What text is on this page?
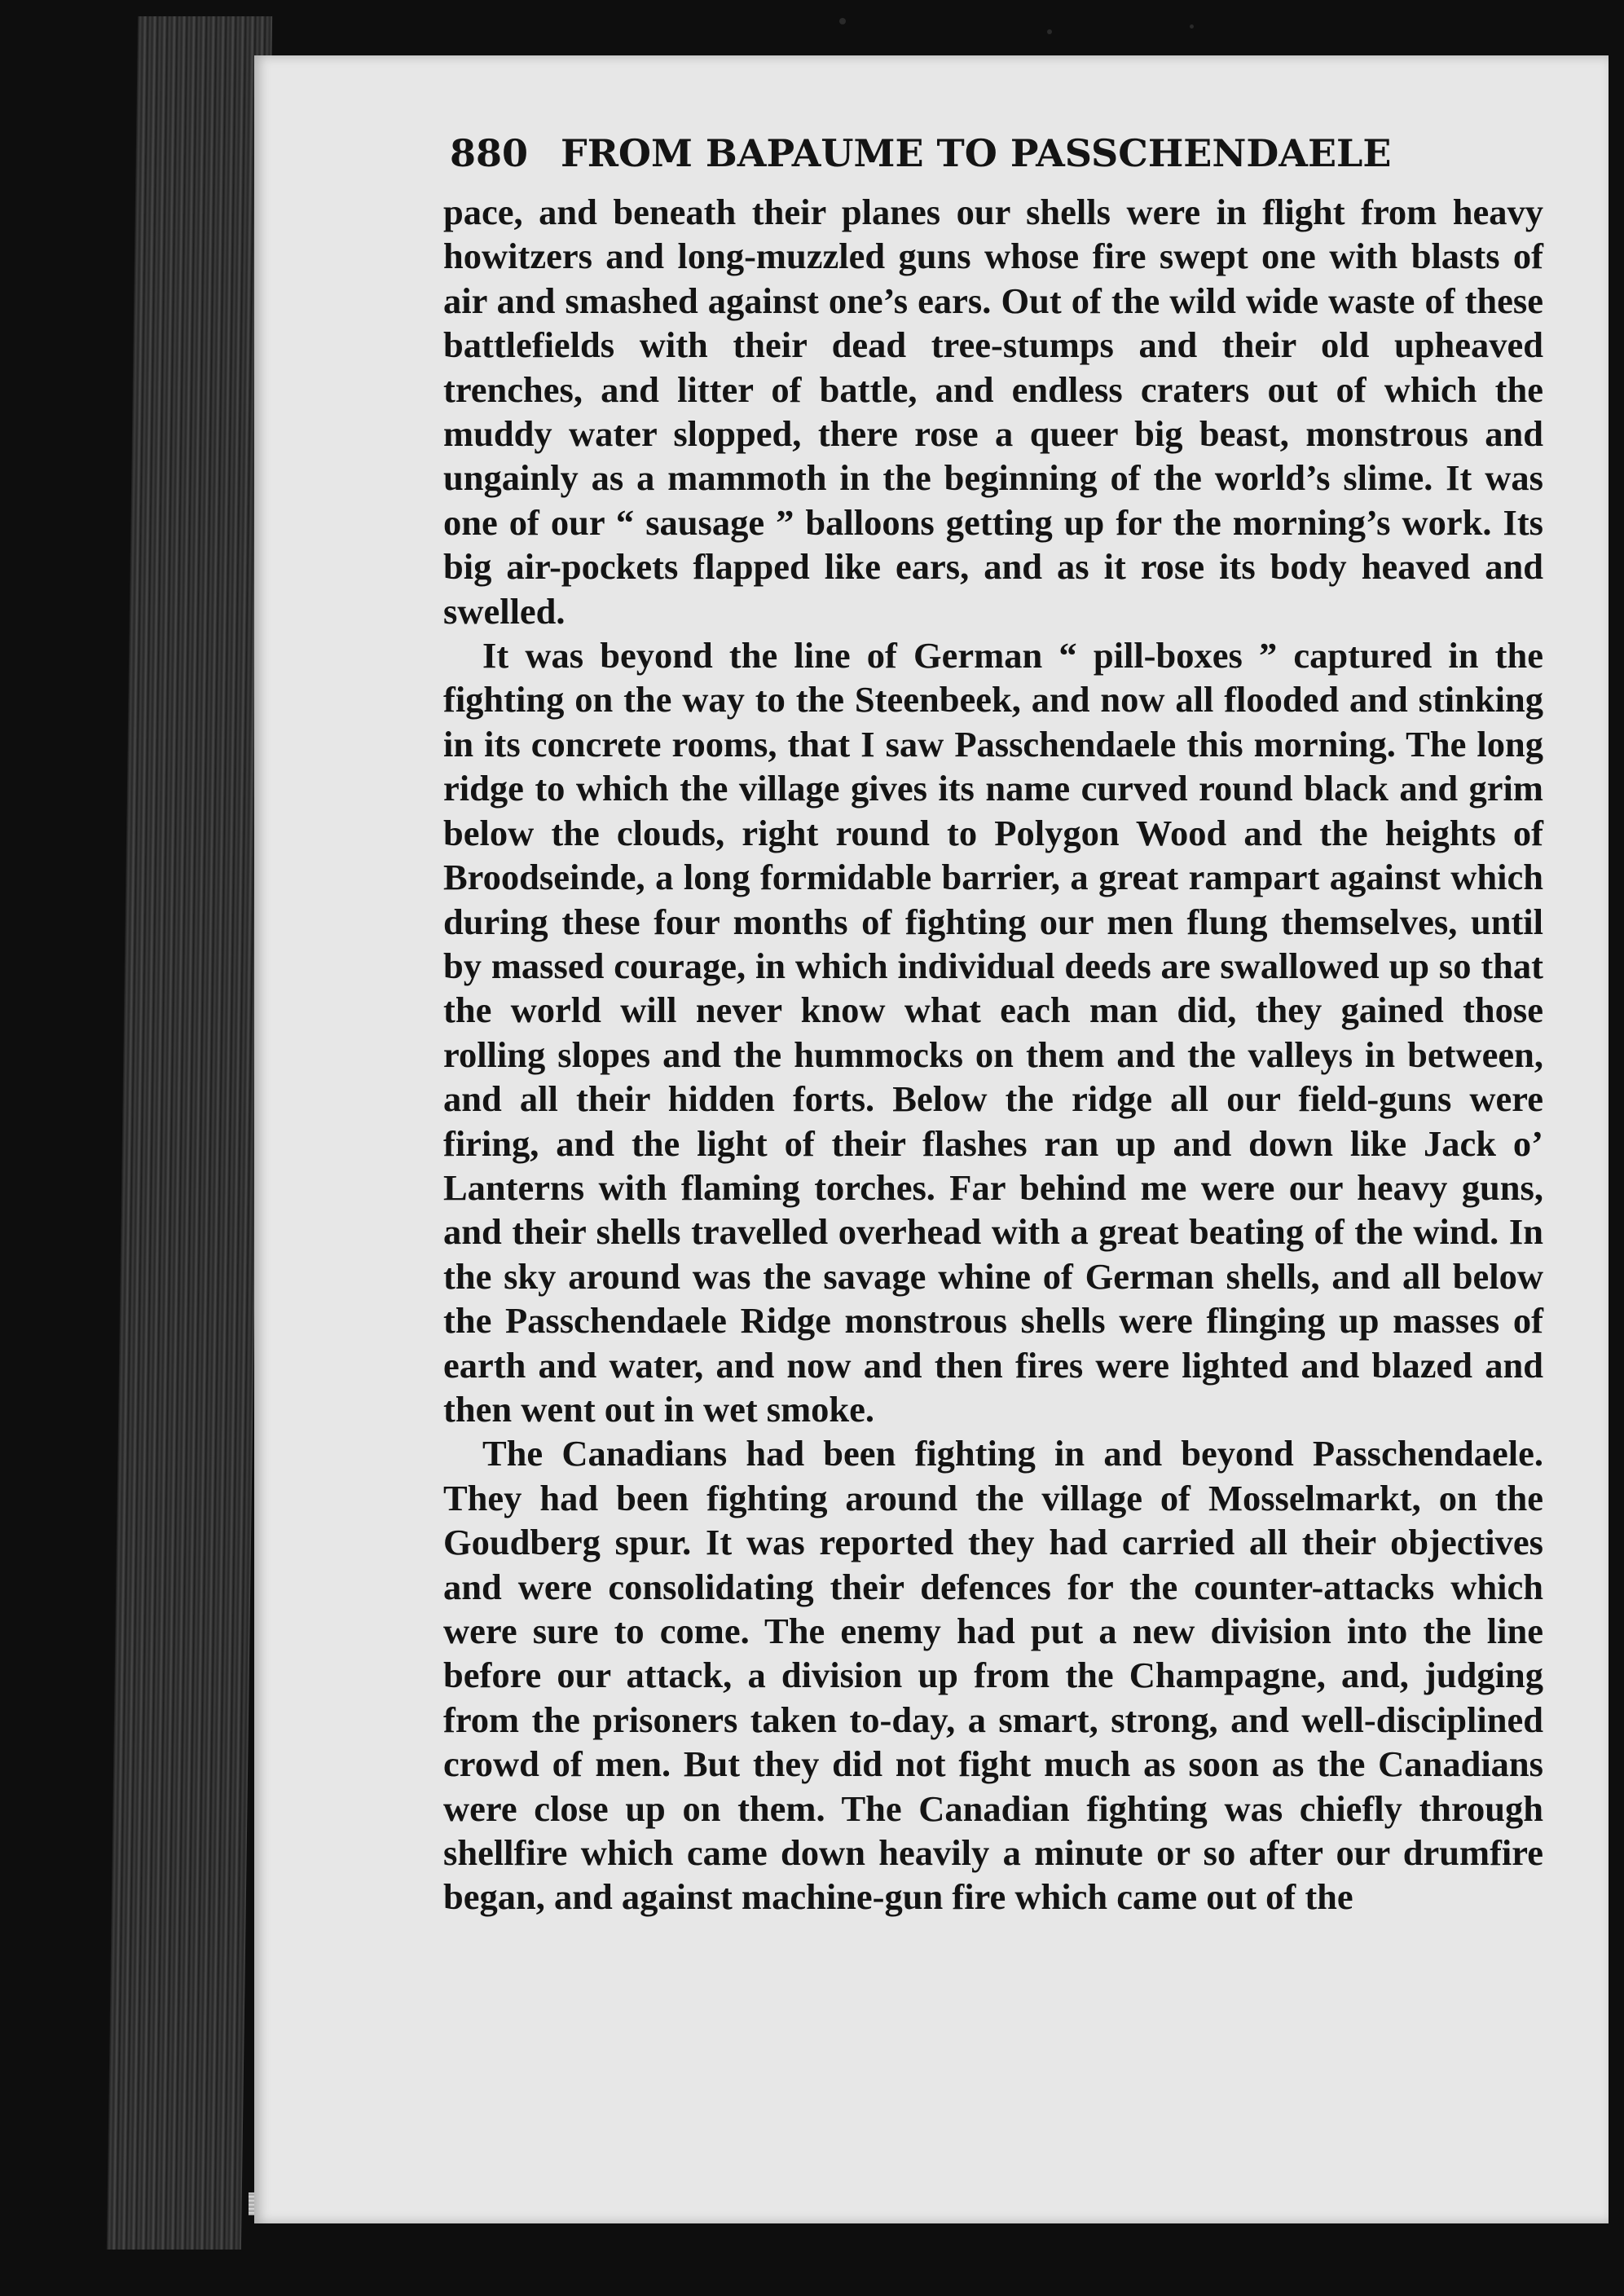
880 FROM BAPAUME TO PASSCHENDAELE

pace, and beneath their planes our shells were in flight from heavy howitzers and long-muzzled guns whose fire swept one with blasts of air and smashed against one’s ears. Out of the wild wide waste of these battlefields with their dead tree-stumps and their old upheaved trenches, and litter of battle, and endless craters out of which the muddy water slopped, there rose a queer big beast, monstrous and ungainly as a mammoth in the beginning of the world’s slime. It was one of our “ sausage ” balloons getting up for the morning’s work. Its big air-pockets flapped like ears, and as it rose its body heaved and swelled.

It was beyond the line of German “ pill-boxes ” captured in the fighting on the way to the Steenbeek, and now all flooded and stinking in its concrete rooms, that I saw Passchendaele this morning. The long ridge to which the village gives its name curved round black and grim below the clouds, right round to Polygon Wood and the heights of Broodseinde, a long formidable barrier, a great rampart against which during these four months of fighting our men flung themselves, until by massed courage, in which individual deeds are swallowed up so that the world will never know what each man did, they gained those rolling slopes and the hummocks on them and the valleys in between, and all their hidden forts. Below the ridge all our field-guns were firing, and the light of their flashes ran up and down like Jack o’ Lanterns with flaming torches. Far behind me were our heavy guns, and their shells travelled overhead with a great beating of the wind. In the sky around was the savage whine of German shells, and all below the Passchendaele Ridge monstrous shells were flinging up masses of earth and water, and now and then fires were lighted and blazed and then went out in wet smoke.

The Canadians had been fighting in and beyond Passchendaele. They had been fighting around the village of Mosselmarkt, on the Goudberg spur. It was reported they had carried all their objectives and were consolidating their defences for the counter-attacks which were sure to come. The enemy had put a new division into the line before our attack, a division up from the Champagne, and, judging from the prisoners taken to-day, a smart, strong, and well-disciplined crowd of men. But they did not fight much as soon as the Canadians were close up on them. The Canadian fighting was chiefly through shellfire which came down heavily a minute or so after our drumfire began, and against machine-gun fire which came out of the
